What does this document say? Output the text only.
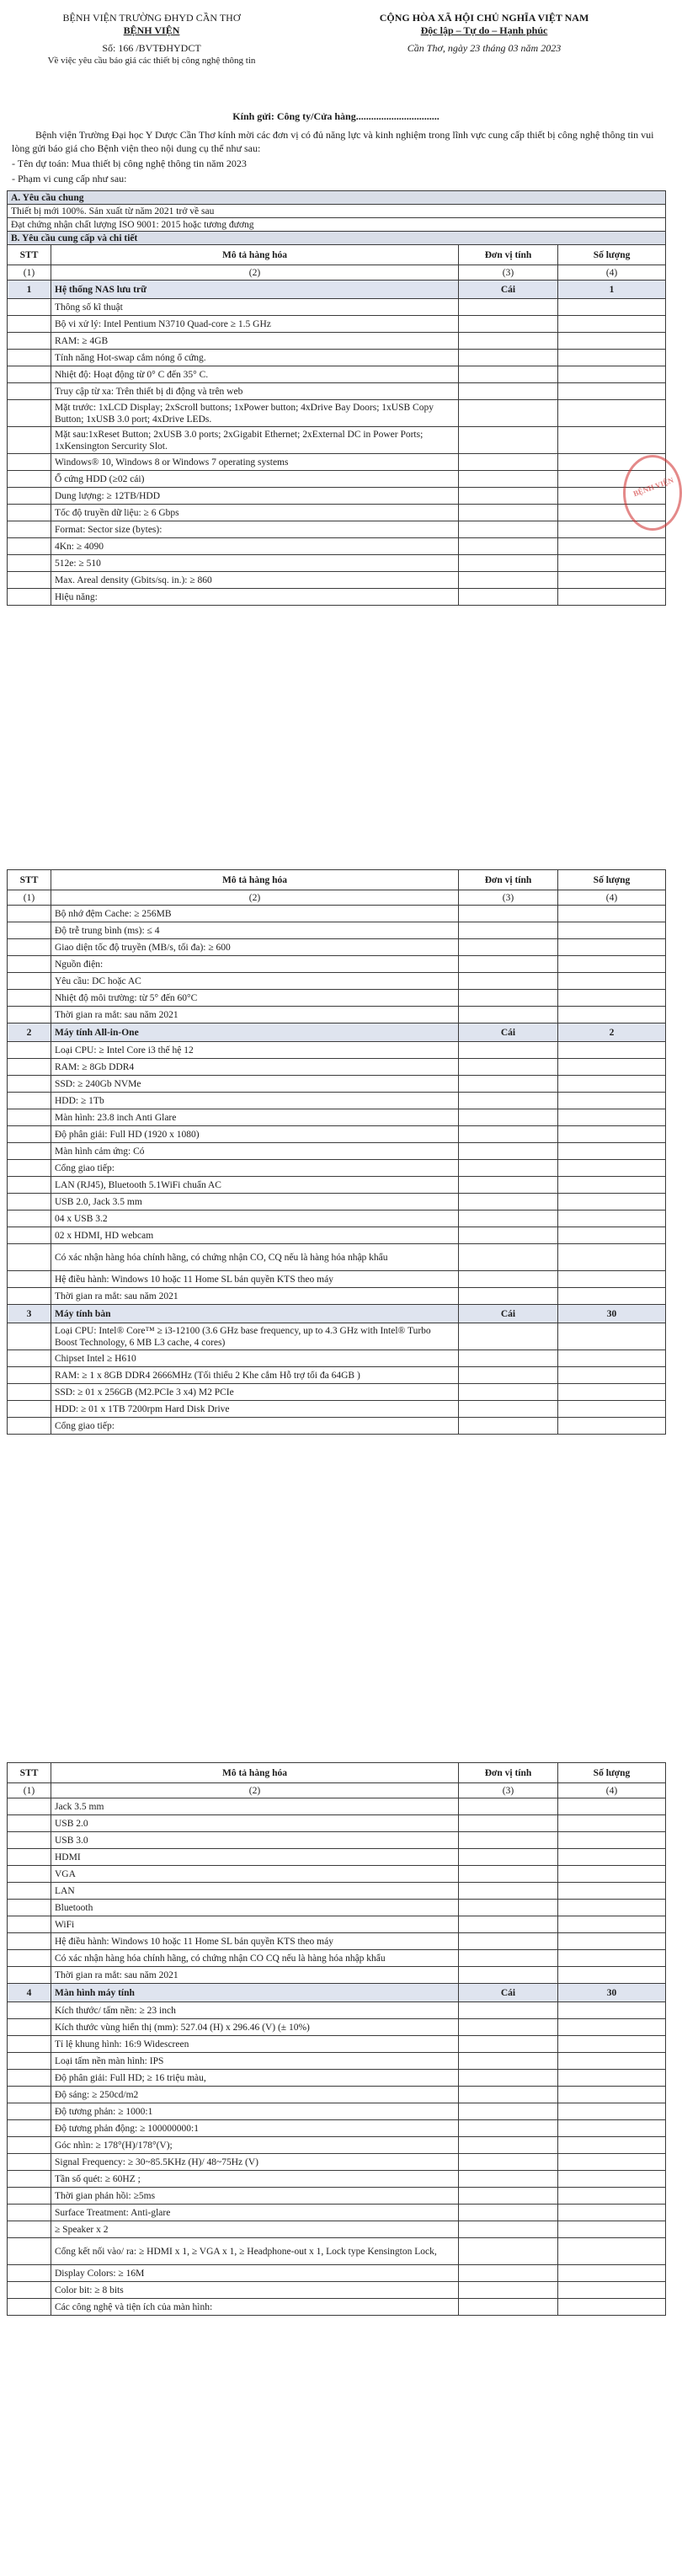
BỆNH VIỆN TRƯỜNG ĐHYD CẦN THƠ
BỆNH VIỆN
Số: 166 /BVTĐHYDCT
Về việc yêu cầu báo giá các thiết bị công nghệ thông tin
CỘNG HÒA XÃ HỘI CHỦ NGHĨA VIỆT NAM
Độc lập – Tự do – Hạnh phúc
Cần Thơ, ngày 23 tháng 03 năm 2023
Kính gửi: Công ty/Cửa hàng.................................
Bệnh viện Trường Đại học Y Dược Cần Thơ kính mời các đơn vị có đủ năng lực và kinh nghiệm trong lĩnh vực cung cấp thiết bị công nghệ thông tin vui lòng gửi báo giá cho Bệnh viện theo nội dung cụ thể như sau:
- Tên dự toán: Mua thiết bị công nghệ thông tin năm 2023
- Phạm vi cung cấp như sau:
A. Yêu cầu chung			
Thiết bị mới 100%. Sản xuất từ năm 2021 trở về sau			
Đạt chứng nhận chất lượng ISO 9001: 2015 hoặc tương đương			
B. Yêu cầu cung cấp và chi tiết			
STT	Mô tả hàng hóa	Đơn vị tính	Số lượng
(1)	(2)	(3)	(4)
1	Hệ thống NAS lưu trữ	Cái	1
	Thông số kĩ thuật		
	Bộ vi xử lý: Intel Pentium N3710 Quad-core ≥ 1.5 GHz		
	RAM: ≥ 4GB		
	Tính năng Hot-swap cắm nóng ổ cứng.		
	Nhiệt độ: Hoạt động từ 0° C đến 35° C.		
	Truy cập từ xa: Trên thiết bị di động và trên web		
	Mặt trước: 1xLCD Display; 2xScroll buttons; 1xPower button; 4xDrive Bay Doors; 1xUSB Copy Button; 1xUSB 3.0 port; 4xDrive LEDs.		
	Mặt sau:1xReset Button; 2xUSB 3.0 ports; 2xGigabit Ethernet; 2xExternal DC in Power Ports; 1xKensington Sercurity Slot.		
	Windows® 10, Windows 8 or Windows 7 operating systems		
	Ổ cứng HDD (≥02 cái)		
	Dung lượng: ≥ 12TB/HDD		
	Tốc độ truyền dữ liệu: ≥ 6 Gbps		
	Format: Sector size (bytes):		
	4Kn: ≥ 4090		
	512e: ≥ 510		
	Max. Areal density (Gbits/sq. in.): ≥ 860		
	Hiệu năng:		
STT	Mô tả hàng hóa	Đơn vị tính	Số lượng
(1)	(2)	(3)	(4)
	Bộ nhớ đệm Cache: ≥ 256MB		
	Độ trễ trung bình (ms): ≤ 4		
	Giao diện tốc độ truyền (MB/s, tối đa): ≥ 600		
	Nguồn điện:		
	Yêu cầu: DC hoặc AC		
	Nhiệt độ môi trường: từ 5° đến 60°C		
	Thời gian ra mắt: sau năm 2021		
2	Máy tính All-in-One	Cái	2
	Loại CPU: ≥ Intel Core i3 thế hệ 12		
	RAM: ≥ 8Gb DDR4		
	SSD: ≥ 240Gb NVMe		
	HDD: ≥ 1Tb		
	Màn hình: 23.8 inch Anti Glare		
	Độ phân giải: Full HD (1920 x 1080)		
	Màn hình cảm ứng: Có		
	Cổng giao tiếp:		
	LAN (RJ45), Bluetooth 5.1WiFi chuẩn AC		
	USB 2.0, Jack 3.5 mm		
	04 x USB 3.2		
	02 x HDMI, HD webcam		
	Có xác nhận hàng hóa chính hãng, có chứng nhận CO, CQ nếu là hàng hóa nhập khẩu		
	Hệ điều hành: Windows 10 hoặc 11 Home SL bản quyền KTS theo máy		
	Thời gian ra mắt: sau năm 2021		
3	Máy tính bàn	Cái	30
	Loại CPU: Intel® Core™ ≥ i3-12100 (3.6 GHz base frequency, up to 4.3 GHz with Intel® Turbo Boost Technology, 6 MB L3 cache, 4 cores)		
	Chipset Intel ≥ H610		
	RAM: ≥ 1 x 8GB DDR4 2666MHz (Tối thiểu 2 Khe cắm Hỗ trợ tối đa 64GB )		
	SSD: ≥ 01 x 256GB (M2.PCIe 3 x4) M2 PCIe		
	HDD: ≥ 01 x 1TB 7200rpm Hard Disk Drive		
	Cổng giao tiếp:		
STT	Mô tả hàng hóa	Đơn vị tính	Số lượng
(1)	(2)	(3)	(4)
	Jack 3.5 mm		
	USB 2.0		
	USB 3.0		
	HDMI		
	VGA		
	LAN		
	Bluetooth		
	WiFi		
	Hệ điều hành: Windows 10 hoặc 11 Home SL bản quyền KTS theo máy		
	Có xác nhận hàng hóa chính hãng, có chứng nhận CO CQ nếu là hàng hóa nhập khẩu		
	Thời gian ra mắt: sau năm 2021		
4	Màn hình máy tính	Cái	30
	Kích thước/ tấm nền: ≥ 23 inch		
	Kích thước vùng hiển thị (mm): 527.04 (H) x 296.46 (V) (± 10%)		
	Tỉ lệ khung hình: 16:9 Widescreen		
	Loại tấm nền màn hình: IPS		
	Độ phân giải: Full HD; ≥ 16 triệu màu,		
	Độ sáng: ≥ 250cd/m2		
	Độ tương phản: ≥ 1000:1		
	Độ tương phản động: ≥ 100000000:1		
	Góc nhìn: ≥ 178°(H)/178°(V);		
	Signal Frequency: ≥ 30~85.5KHz (H)/ 48~75Hz (V)		
	Tần số quét: ≥ 60HZ ;		
	Thời gian phản hồi: ≥5ms		
	Surface Treatment: Anti-glare		
	≥ Speaker x 2		
	Cổng kết nối vào/ ra: ≥ HDMI x 1, ≥ VGA x 1, ≥ Headphone-out x 1, Lock type Kensington Lock,		
	Display Colors: ≥ 16M		
	Color bit: ≥ 8 bits		
	Các công nghệ và tiện ích của màn hình:		
BỆNH VIỆN
